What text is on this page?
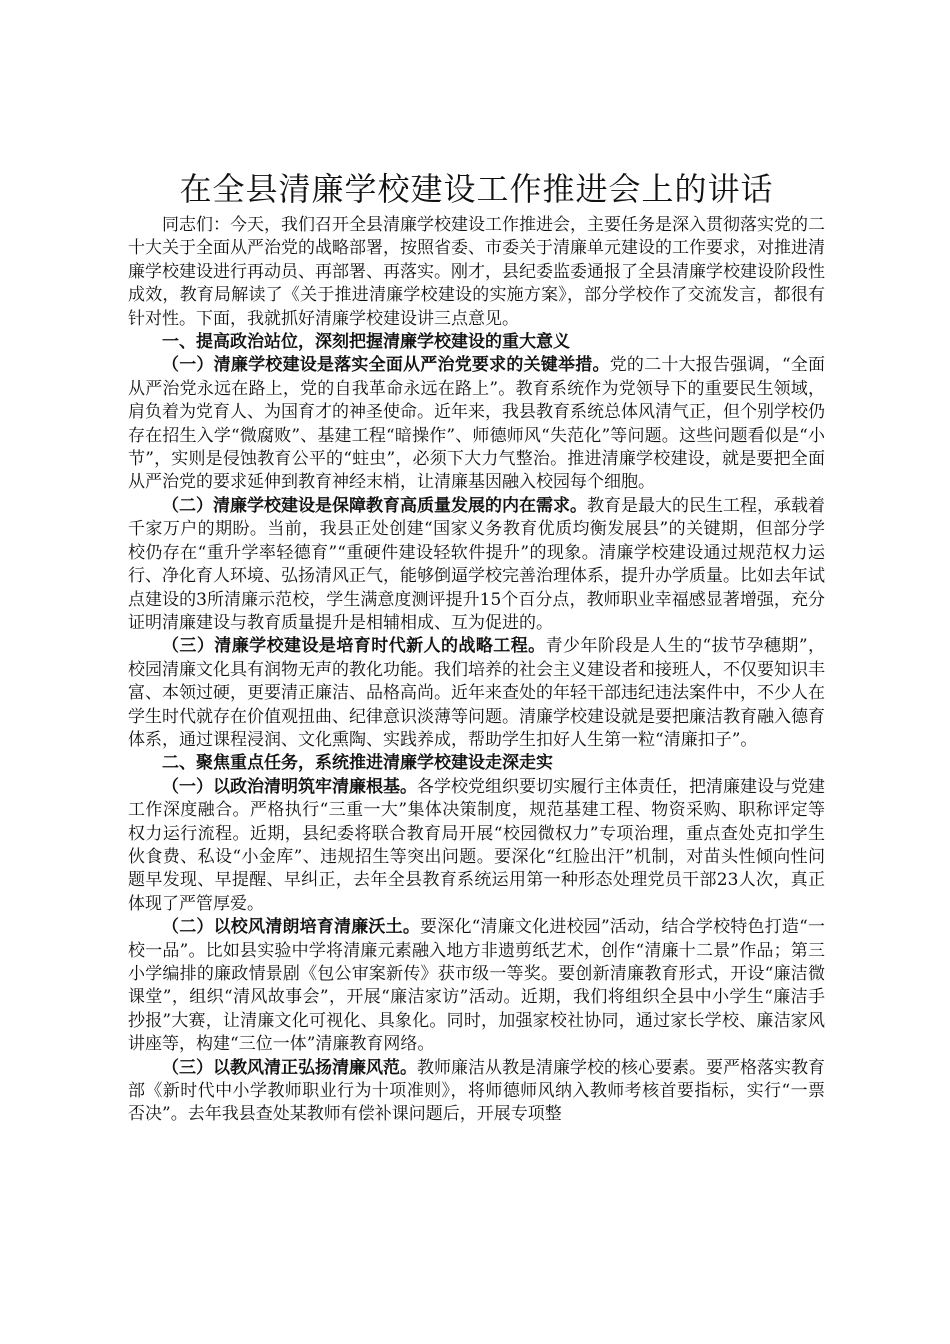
在全县清廉学校建设工作推进会上的讲话

同志们：今天，我们召开全县清廉学校建设工作推进会，主要任务是深入贯彻落实党的二十大关于全面从严治党的战略部署，按照省委、市委关于清廉单元建设的工作要求，对推进清廉学校建设进行再动员、再部署、再落实。刚才，县纪委监委通报了全县清廉学校建设阶段性成效，教育局解读了《关于推进清廉学校建设的实施方案》，部分学校作了交流发言，都很有针对性。下面，我就抓好清廉学校建设讲三点意见。

一、提高政治站位，深刻把握清廉学校建设的重大意义

（一）清廉学校建设是落实全面从严治党要求的关键举措。党的二十大报告强调，“全面从严治党永远在路上，党的自我革命永远在路上”。教育系统作为党领导下的重要民生领域，肩负着为党育人、为国育才的神圣使命。近年来，我县教育系统总体风清气正，但个别学校仍存在招生入学“微腐败”、基建工程“暗操作”、师德师风“失范化”等问题。这些问题看似是“小节”，实则是侵蚀教育公平的“蛀虫”，必须下大力气整治。推进清廉学校建设，就是要把全面从严治党的要求延伸到教育神经末梢，让清廉基因融入校园每个细胞。

（二）清廉学校建设是保障教育高质量发展的内在需求。教育是最大的民生工程，承载着千家万户的期盼。当前，我县正处创建“国家义务教育优质均衡发展县”的关键期，但部分学校仍存在“重升学率轻德育”“重硬件建设轻软件提升”的现象。清廉学校建设通过规范权力运行、净化育人环境、弘扬清风正气，能够倒逼学校完善治理体系，提升办学质量。比如去年试点建设的3所清廉示范校，学生满意度测评提升15个百分点，教师职业幸福感显著增强，充分证明清廉建设与教育质量提升是相辅相成、互为促进的。

（三）清廉学校建设是培育时代新人的战略工程。青少年阶段是人生的“拔节孕穗期”，校园清廉文化具有润物无声的教化功能。我们培养的社会主义建设者和接班人，不仅要知识丰富、本领过硬，更要清正廉洁、品格高尚。近年来查处的年轻干部违纪违法案件中，不少人在学生时代就存在价值观扭曲、纪律意识淡薄等问题。清廉学校建设就是要把廉洁教育融入德育体系，通过课程浸润、文化熏陶、实践养成，帮助学生扣好人生第一粒“清廉扣子”。

二、聚焦重点任务，系统推进清廉学校建设走深走实

（一）以政治清明筑牢清廉根基。各学校党组织要切实履行主体责任，把清廉建设与党建工作深度融合。严格执行“三重一大”集体决策制度，规范基建工程、物资采购、职称评定等权力运行流程。近期，县纪委将联合教育局开展“校园微权力”专项治理，重点查处克扣学生伙食费、私设“小金库”、违规招生等突出问题。要深化“红脸出汗”机制，对苗头性倾向性问题早发现、早提醒、早纠正，去年全县教育系统运用第一种形态处理党员干部23人次，真正体现了严管厚爱。

（二）以校风清朗培育清廉沃土。要深化“清廉文化进校园”活动，结合学校特色打造“一校一品”。比如县实验中学将清廉元素融入地方非遗剪纸艺术，创作“清廉十二景”作品；第三小学编排的廉政情景剧《包公审案新传》获市级一等奖。要创新清廉教育形式，开设“廉洁微课堂”，组织“清风故事会”，开展“廉洁家访”活动。近期，我们将组织全县中小学生“廉洁手抄报”大赛，让清廉文化可视化、具象化。同时，加强家校社协同，通过家长学校、廉洁家风讲座等，构建“三位一体”清廉教育网络。

（三）以教风清正弘扬清廉风范。教师廉洁从教是清廉学校的核心要素。要严格落实教育部《新时代中小学教师职业行为十项准则》，将师德师风纳入教师考核首要指标，实行“一票否决”。去年我县查处某教师有偿补课问题后，开展专项整
